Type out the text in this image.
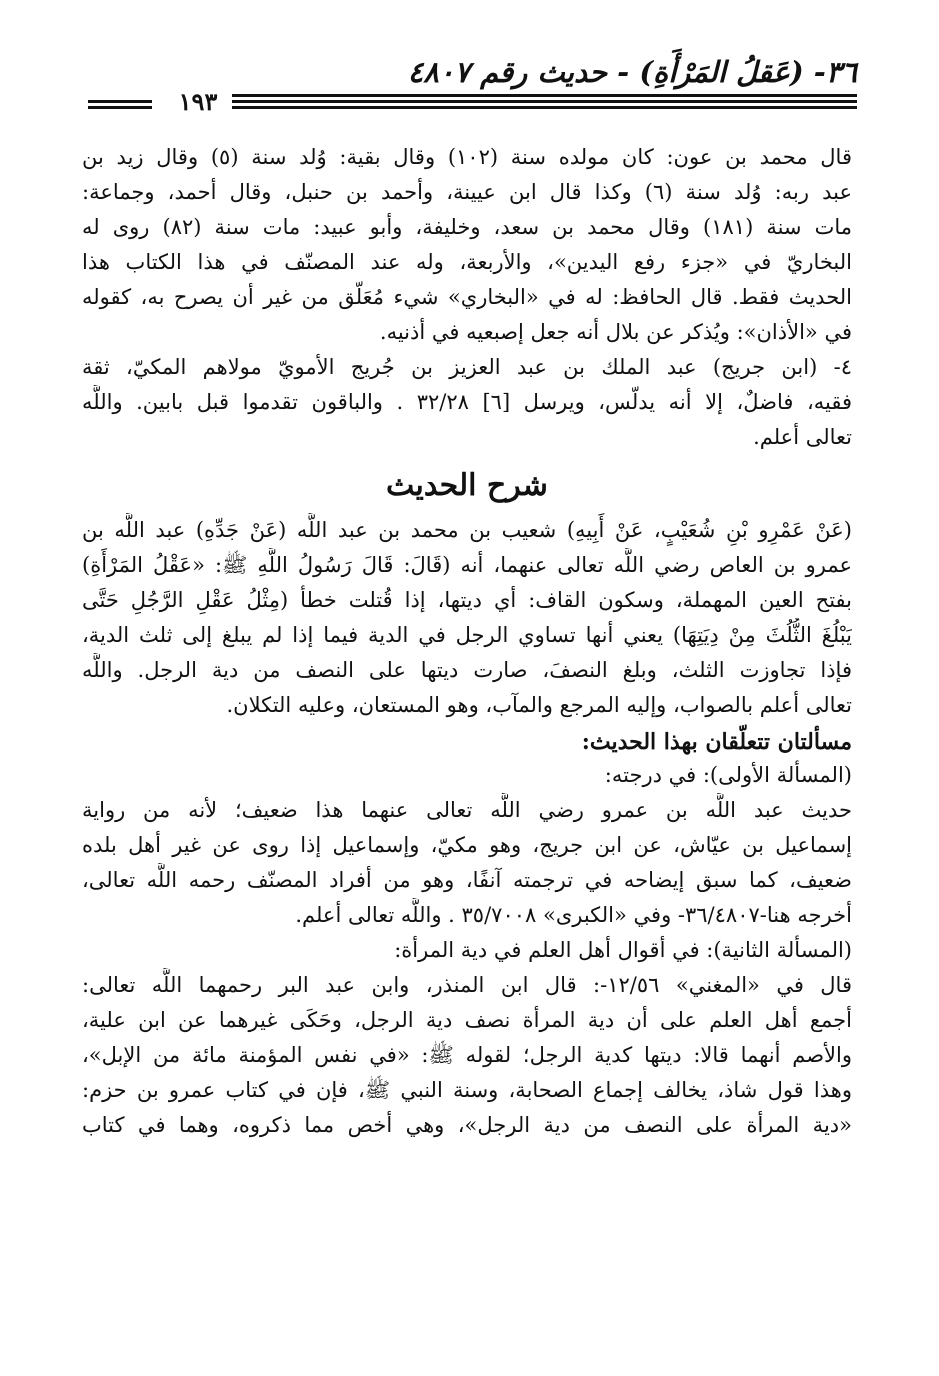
٣٦- (عَقلُ المَرْأَةِ) - حديث رقم ٤٨٠٧
١٩٣
قال محمد بن عون: كان مولده سنة (١٠٢) وقال بقية: وُلد سنة (٥) وقال زيد بن
عبد ربه: وُلد سنة (٦) وكذا قال ابن عيينة، وأحمد بن حنبل، وقال أحمد، وجماعة:
مات سنة (١٨١) وقال محمد بن سعد، وخليفة، وأبو عبيد: مات سنة (٨٢) روى له
البخاريّ في «جزء رفع اليدين»، والأربعة، وله عند المصنّف في هذا الكتاب هذا
الحديث فقط. قال الحافظ: له في «البخاري» شيء مُعَلّق من غير أن يصرح به، كقوله
في «الأذان»: ويُذكر عن بلال أنه جعل إصبعيه في أذنيه.
٤- (ابن جريج) عبد الملك بن عبد العزيز بن جُريج الأمويّ مولاهم المكيّ، ثقة
فقيه، فاضلٌ، إلا أنه يدلّس، ويرسل [٦] ٣٢/٢٨ . والباقون تقدموا قبل بابين. واللَّه
تعالى أعلم.
شرح الحديث
(عَنْ عَمْرِو بْنِ شُعَيْبٍ، عَنْ أَبِيهِ) شعيب بن محمد بن عبد اللَّه (عَنْ جَدِّهِ) عبد اللَّه بن
عمرو بن العاص رضي اللَّه تعالى عنهما، أنه (قَالَ: قَالَ رَسُولُ اللَّهِ ﷺ: «عَقْلُ المَرْأَةِ)
بفتح العين المهملة، وسكون القاف: أي ديتها، إذا قُتلت خطأ (مِثْلُ عَقْلِ الرَّجُلِ حَتَّى
يَبْلُغَ الثُّلُثَ مِنْ دِيَتِهَا) يعني أنها تساوي الرجل في الدية فيما إذا لم يبلغ إلى ثلث الدية،
فإذا تجاوزت الثلث، وبلغ النصفَ، صارت ديتها على النصف من دية الرجل. واللَّه
تعالى أعلم بالصواب، وإليه المرجع والمآب، وهو المستعان، وعليه التكلان.
مسألتان تتعلّقان بهذا الحديث:
(المسألة الأولى): في درجته:
حديث عبد اللَّه بن عمرو رضي اللَّه تعالى عنهما هذا ضعيف؛ لأنه من رواية
إسماعيل بن عيّاش، عن ابن جريج، وهو مكيّ، وإسماعيل إذا روى عن غير أهل بلده
ضعيف، كما سبق إيضاحه في ترجمته آنفًا، وهو من أفراد المصنّف رحمه اللَّه تعالى،
أخرجه هنا-٣٦/٤٨٠٧- وفي «الكبرى» ٣٥/٧٠٠٨ . واللَّه تعالى أعلم.
(المسألة الثانية): في أقوال أهل العلم في دية المرأة:
قال في «المغني» ١٢/٥٦-: قال ابن المنذر، وابن عبد البر رحمهما اللَّه تعالى:
أجمع أهل العلم على أن دية المرأة نصف دية الرجل، وحَكَى غيرهما عن ابن علية،
والأصم أنهما قالا: ديتها كدية الرجل؛ لقوله ﷺ: «في نفس المؤمنة مائة من الإبل»،
وهذا قول شاذ، يخالف إجماع الصحابة، وسنة النبي ﷺ، فإن في كتاب عمرو بن حزم:
«دية المرأة على النصف من دية الرجل»، وهي أخص مما ذكروه، وهما في كتاب
